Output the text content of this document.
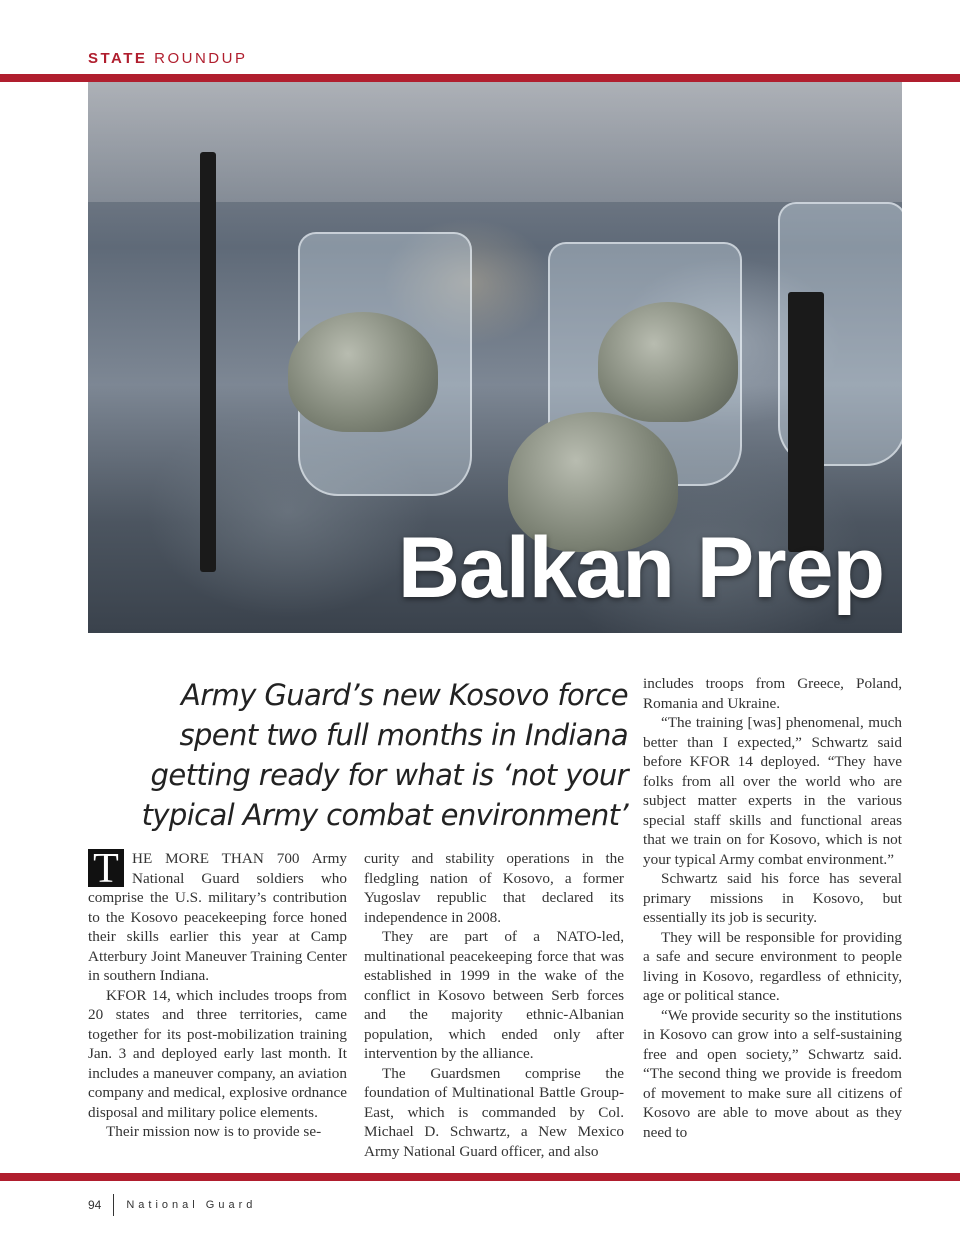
STATE ROUNDUP
Balkan Prep
Army Guard’s new Kosovo force
spent two full months in Indiana
getting ready for what is ‘not your
typical Army combat environment’

T HE MORE THAN 700 Army National Guard soldiers who comprise the U.S. military’s contribution to the Kosovo peacekeeping force honed their skills earlier this year at Camp Atterbury Joint Maneuver Training Center in southern Indiana.

KFOR 14, which includes troops from 20 states and three territories, came together for its post-mobilization training Jan. 3 and deployed early last month. It includes a maneuver company, an aviation company and medical, explosive ordnance disposal and military police elements.

Their mission now is to provide se-

curity and stability operations in the fledgling nation of Kosovo, a former Yugoslav republic that declared its independence in 2008.

They are part of a NATO-led, multinational peacekeeping force that was established in 1999 in the wake of the conflict in Kosovo between Serb forces and the majority ethnic-Albanian population, which ended only after intervention by the alliance.

The Guardsmen comprise the foundation of Multinational Battle Group-East, which is commanded by Col. Michael D. Schwartz, a New Mexico Army National Guard officer, and also

includes troops from Greece, Poland, Romania and Ukraine.

“The training [was] phenomenal, much better than I expected,” Schwartz said before KFOR 14 deployed. “They have folks from all over the world who are subject matter experts in the various special staff skills and functional areas that we train on for Kosovo, which is not your typical Army combat environment.”

Schwartz said his force has several primary missions in Kosovo, but essentially its job is security.

They will be responsible for providing a safe and secure environment to people living in Kosovo, regardless of ethnicity, age or political stance.

“We provide security so the institutions in Kosovo can grow into a self-sustaining free and open society,” Schwartz said. “The second thing we provide is freedom of movement to make sure all citizens of Kosovo are able to move about as they need to

94 National Guard
